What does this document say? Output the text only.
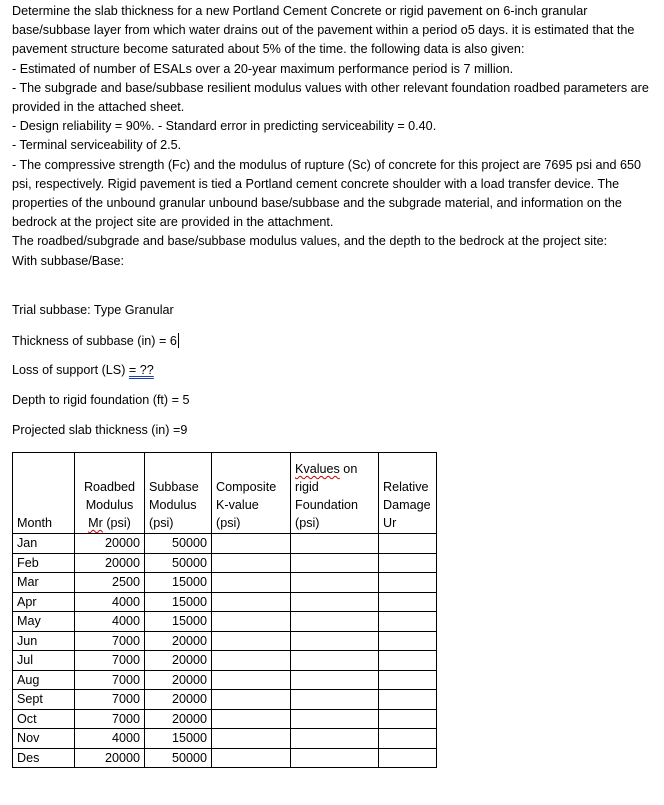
Determine the slab thickness for a new Portland Cement Concrete or rigid pavement on 6-inch granular base/subbase layer from which water drains out of the pavement within a period o5 days. it is estimated that the pavement structure become saturated about 5% of the time. the following data is also given:

- Estimated of number of ESALs over a 20-year maximum performance period is 7 million.

- The subgrade and base/subbase resilient modulus values with other relevant foundation roadbed parameters are provided in the attached sheet.

- Design reliability = 90%. - Standard error in predicting serviceability = 0.40.

- Terminal serviceability of 2.5.

- The compressive strength (Fc) and the modulus of rupture (Sc) of concrete for this project are 7695 psi and 650 psi, respectively. Rigid pavement is tied a Portland cement concrete shoulder with a load transfer device. The properties of the unbound granular unbound base/subbase and the subgrade material, and information on the bedrock at the project site are provided in the attachment.

The roadbed/subgrade and base/subbase modulus values, and the depth to the bedrock at the project site:

With subbase/Base:

Trial subbase: Type Granular

Thickness of subbase (in) = 6

Loss of support (LS) = ??

Depth to rigid foundation (ft) = 5

Projected slab thickness (in) =9

Month	Roadbed
Modulus
Mr (psi)	Subbase
Modulus
(psi)	Composite
K-value
(psi)	Kvalues on
rigid
Foundation
(psi)	Relative
Damage
Ur
Jan	20000	50000			
Feb	20000	50000			
Mar	2500	15000			
Apr	4000	15000			
May	4000	15000			
Jun	7000	20000			
Jul	7000	20000			
Aug	7000	20000			
Sept	7000	20000			
Oct	7000	20000			
Nov	4000	15000			
Des	20000	50000			
